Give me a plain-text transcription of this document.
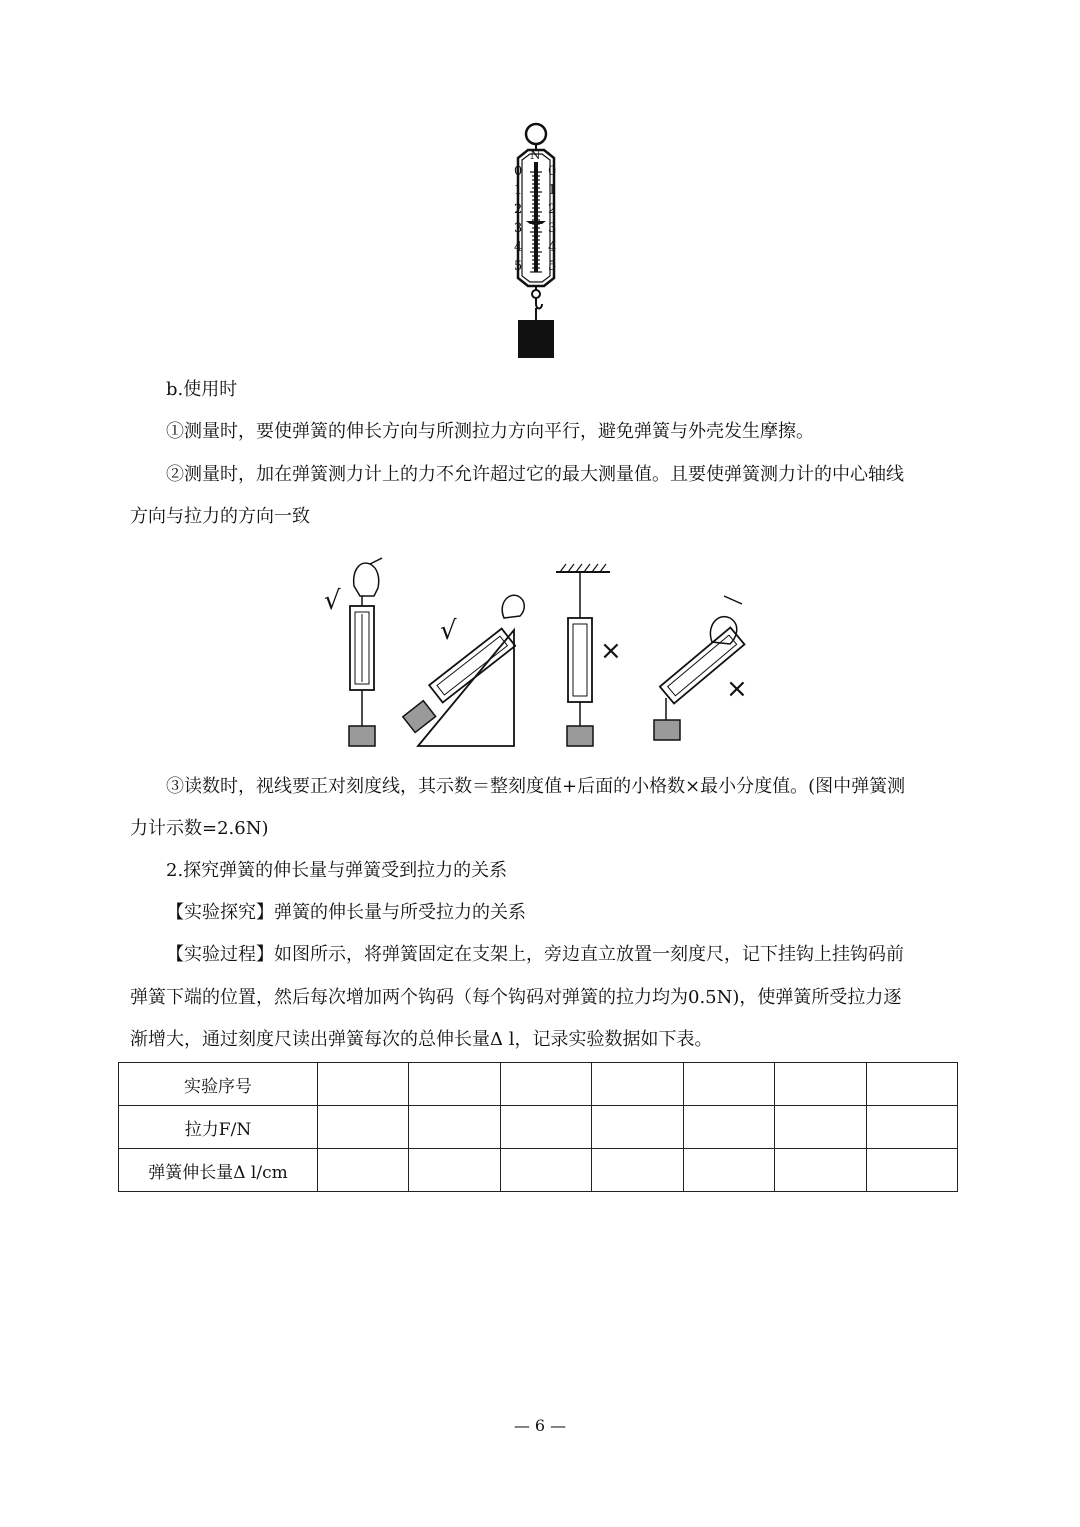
N
0
1
2
3
4
5
0
1
2
3
4
5

b.使用时

①测量时，要使弹簧的伸长方向与所测拉力方向平行，避免弹簧与外壳发生摩擦。

②测量时，加在弹簧测力计上的力不允许超过它的最大测量值。且要使弹簧测力计的中心轴线

方向与拉力的方向一致

√
√
×
×

③读数时，视线要正对刻度线，其示数＝整刻度值+后面的小格数×最小分度值。(图中弹簧测

力计示数=2.6N)

2.探究弹簧的伸长量与弹簧受到拉力的关系

【实验探究】弹簧的伸长量与所受拉力的关系

【实验过程】如图所示，将弹簧固定在支架上，旁边直立放置一刻度尺，记下挂钩上挂钩码前

弹簧下端的位置，然后每次增加两个钩码（每个钩码对弹簧的拉力均为0.5N)，使弹簧所受拉力逐

渐增大，通过刻度尺读出弹簧每次的总伸长量Δ l，记录实验数据如下表。

实验序号							
拉力F/N							
弹簧伸长量Δ l/cm							
— 6 —
